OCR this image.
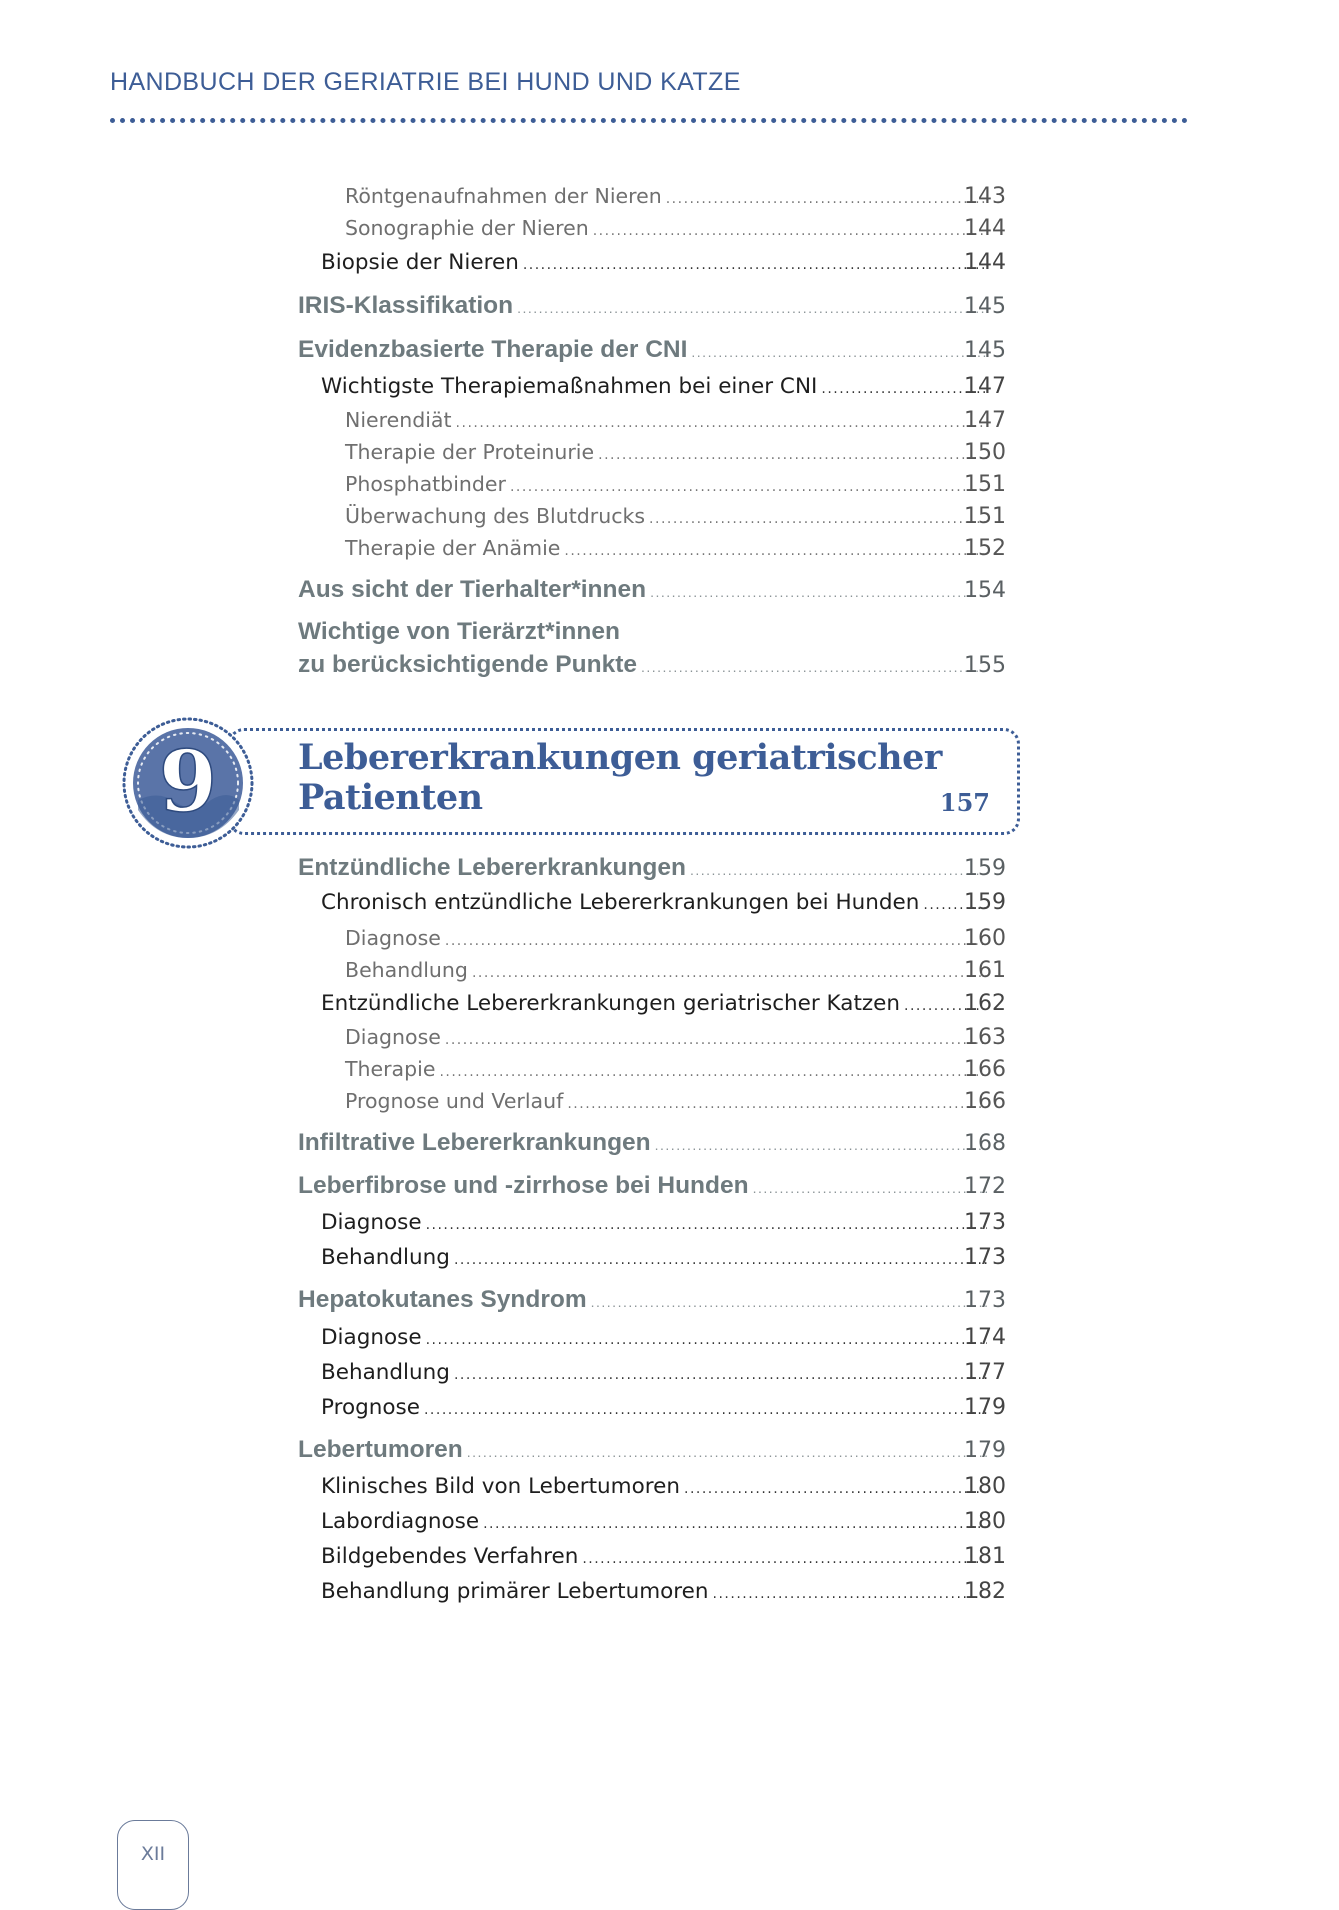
HANDBUCH DER GERIATRIE BEI HUND UND KATZE
Röntgenaufnahmen der Nieren .....	143
Sonographie der Nieren .....	144
Biopsie der Nieren .....	144
IRIS-Klassifikation .....	145
Evidenzbasierte Therapie der CNI .....	145
Wichtigste Therapiemaßnahmen bei einer CNI .....	147
Nierendiät .....	147
Therapie der Proteinurie .....	150
Phosphatbinder .....	151
Überwachung des Blutdrucks .....	151
Therapie der Anämie .....	152
Aus sicht der Tierhalter*innen .....	154
Wichtige von Tierärzt*innen
zu berücksichtigende Punkte .....	155
9 Lebererkrankungen geriatrischer
Patienten	157
Entzündliche Lebererkrankungen .....	159
Chronisch entzündliche Lebererkrankungen bei Hunden .....	159
Diagnose .....	160
Behandlung .....	161
Entzündliche Lebererkrankungen geriatrischer Katzen .....	162
Diagnose .....	163
Therapie .....	166
Prognose und Verlauf .....	166
Infiltrative Lebererkrankungen .....	168
Leberfibrose und -zirrhose bei Hunden .....	172
Diagnose .....	173
Behandlung .....	173
Hepatokutanes Syndrom .....	173
Diagnose .....	174
Behandlung .....	177
Prognose .....	179
Lebertumoren .....	179
Klinisches Bild von Lebertumoren .....	180
Labordiagnose .....	180
Bildgebendes Verfahren .....	181
Behandlung primärer Lebertumoren .....	182
XII
